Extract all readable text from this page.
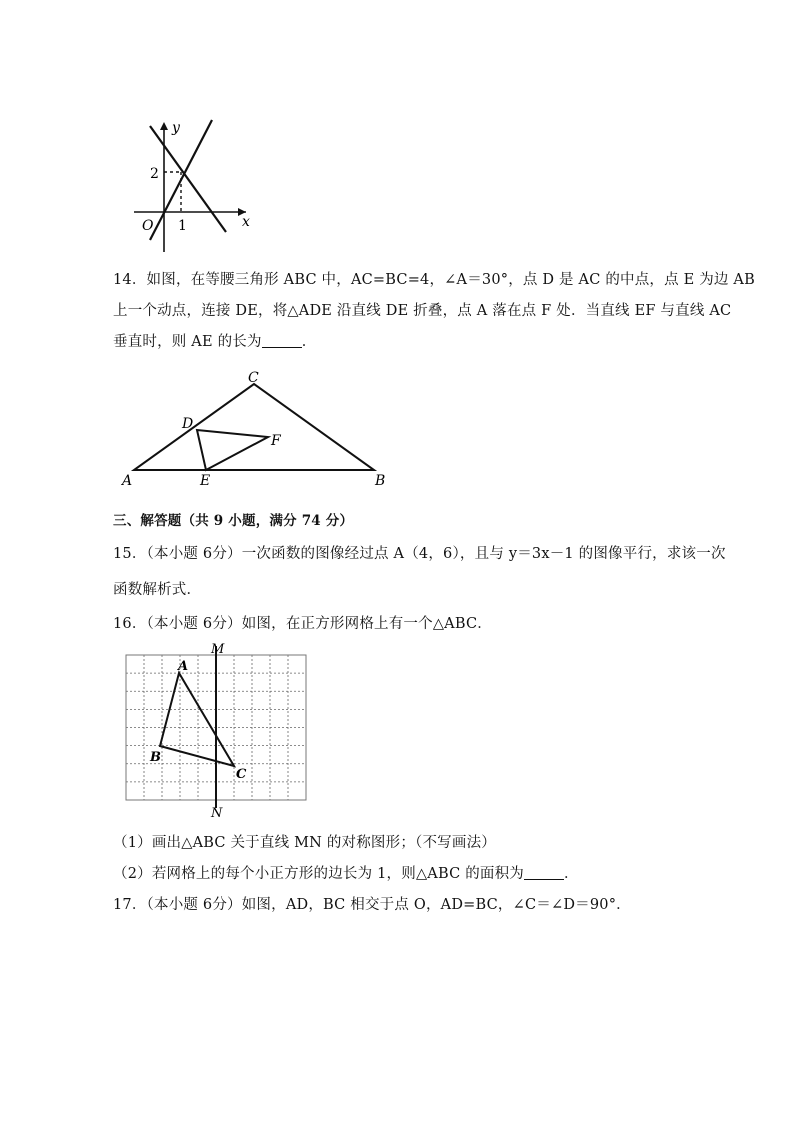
y
x
O
2
1
14．如图，在等腰三角形 ABC 中，AC=BC=4，∠A＝30°，点 D 是 AC 的中点，点 E 为边 AB
上一个动点，连接 DE，将△ADE 沿直线 DE 折叠，点 A 落在点 F 处．当直线 EF 与直线 AC
垂直时，则 AE 的长为	．
A	B
C
D
E
F
三、解答题（共 9 小题，满分 74 分）
15．（本小题 6分）一次函数的图像经过点 A（4，6），且与 y＝3x－1 的图像平行，求该一次
函数解析式．
16．（本小题 6分）如图，在正方形网格上有一个△ABC．
M
N
A
B
C
（1）画出△ABC 关于直线 MN 的对称图形；（不写画法）
（2）若网格上的每个小正方形的边长为 1，则△ABC 的面积为	．
17．（本小题 6分）如图，AD，BC 相交于点 O，AD=BC，∠C＝∠D＝90°．
